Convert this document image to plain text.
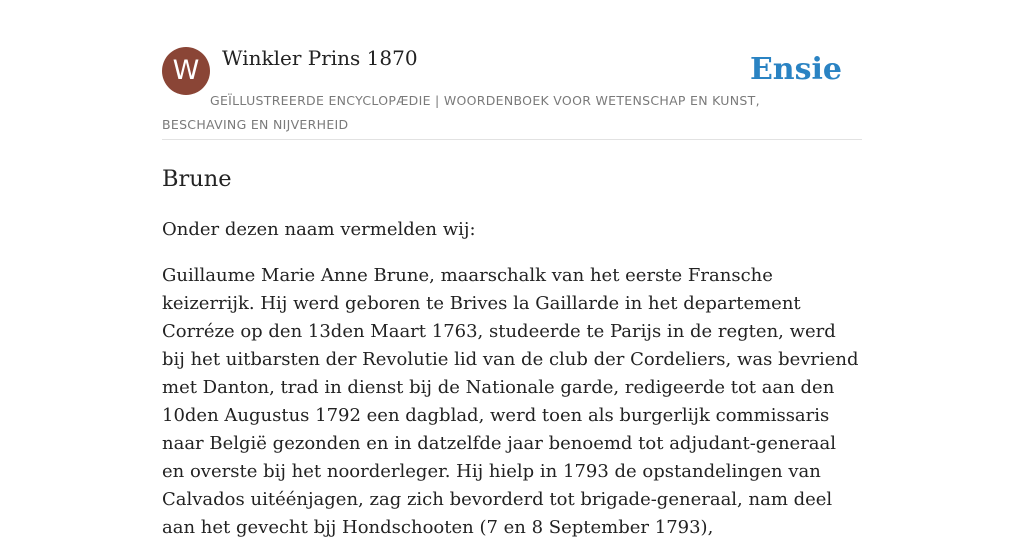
W	Winkler Prins 1870
GEÏLLUSTREERDE ENCYCLOPÆDIE | WOORDENBOEK VOOR WETENSCHAP EN KUNST, BESCHAVING EN NIJVERHEID
Ensie
Brune

Onder dezen naam vermelden wij:

Guillaume Marie Anne Brune, maarschalk van het eerste Fransche keizerrijk. Hij werd geboren te Brives la Gaillarde in het departement Corréze op den 13den Maart 1763, studeerde te Parijs in de regten, werd bij het uitbarsten der Revolutie lid van de club der Cordeliers, was bevriend met Danton, trad in dienst bij de Nationale garde, redigeerde tot aan den 10den Augustus 1792 een dagblad, werd toen als burgerlijk commissaris naar België gezonden en in datzelfde jaar benoemd tot adjudant-generaal en overste bij het noorderleger. Hij hielp in 1793 de opstandelingen van Calvados uitéénjagen, zag zich bevorderd tot brigade-generaal, nam deel aan het gevecht bjj Hondschooten (7 en 8 September 1793),
